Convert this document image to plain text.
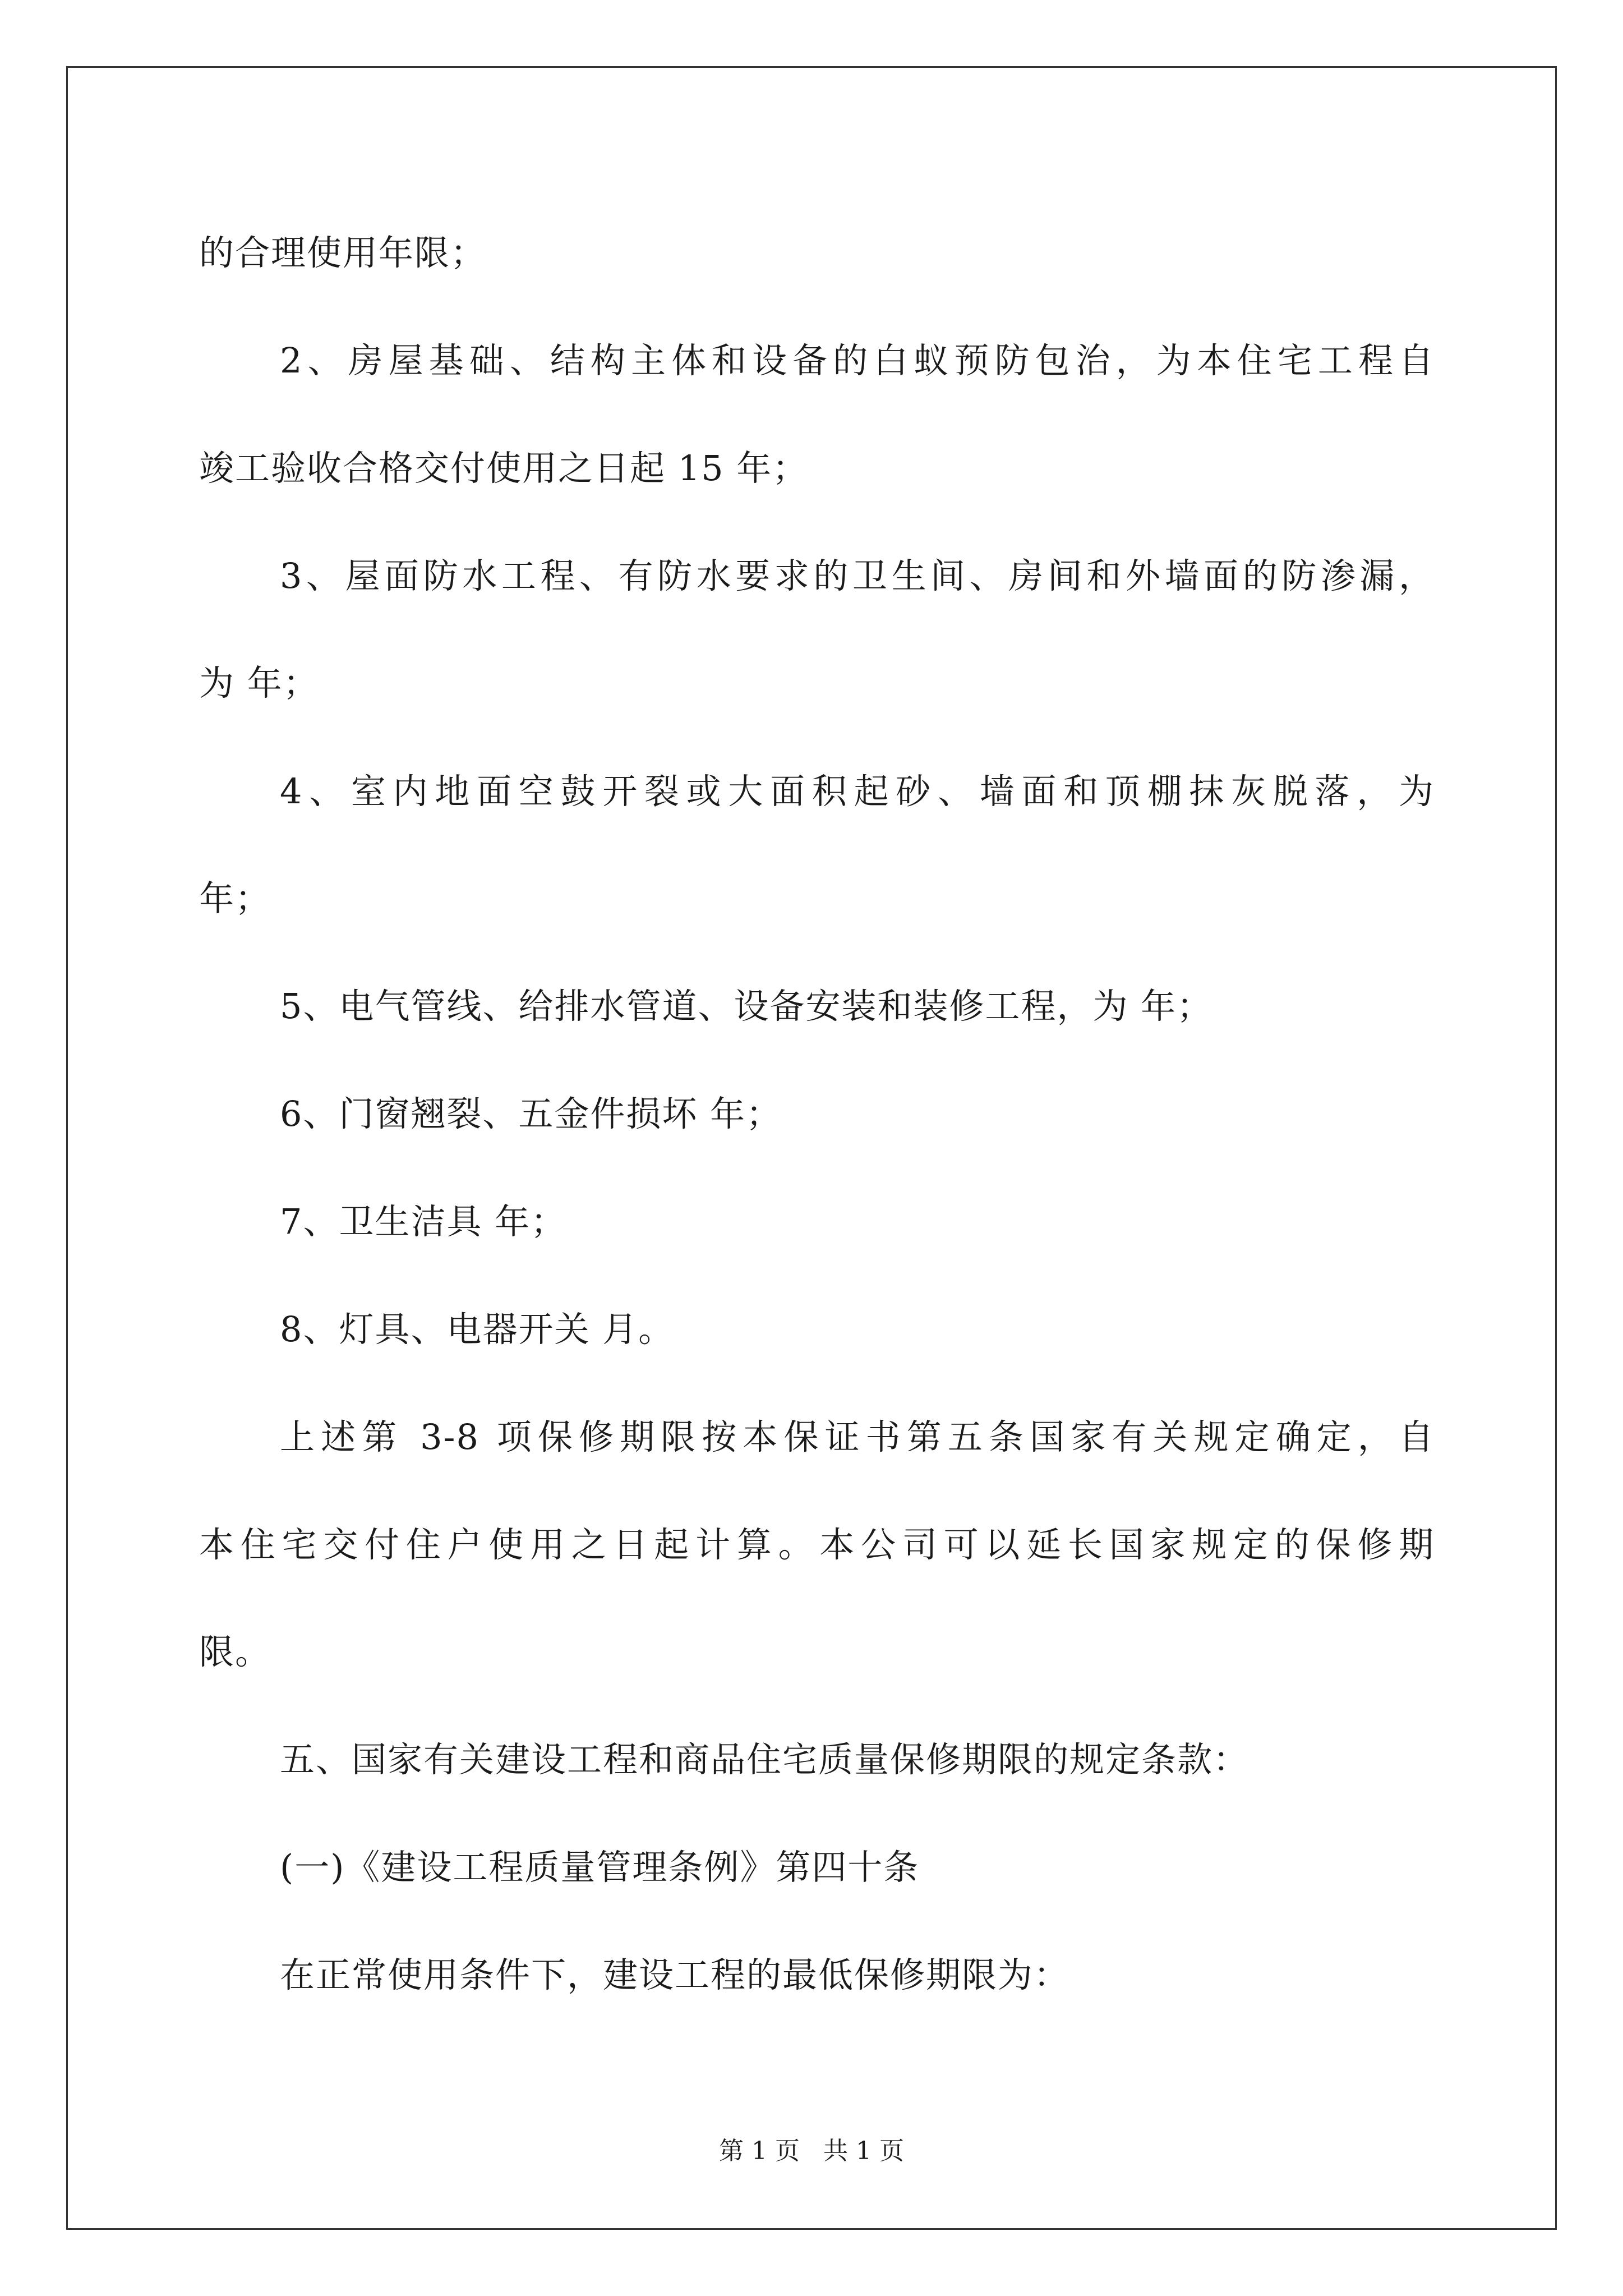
的合理使用年限；
2、房屋基础、结构主体和设备的白蚁预防包治，为本住宅工程自
竣工验收合格交付使用之日起 15 年；
3、屋面防水工程、有防水要求的卫生间、房间和外墙面的防渗漏，
为 年；
4、室内地面空鼓开裂或大面积起砂、墙面和顶棚抹灰脱落，为
年；
5、电气管线、给排水管道、设备安装和装修工程，为 年；
6、门窗翘裂、五金件损坏 年；
7、卫生洁具 年；
8、灯具、电器开关 月。
上述第 3-8 项保修期限按本保证书第五条国家有关规定确定，自
本住宅交付住户使用之日起计算。本公司可以延长国家规定的保修期
限。
五、国家有关建设工程和商品住宅质量保修期限的规定条款：
(一)《建设工程质量管理条例》第四十条
在正常使用条件下，建设工程的最低保修期限为：
第 1 页   共 1 页
